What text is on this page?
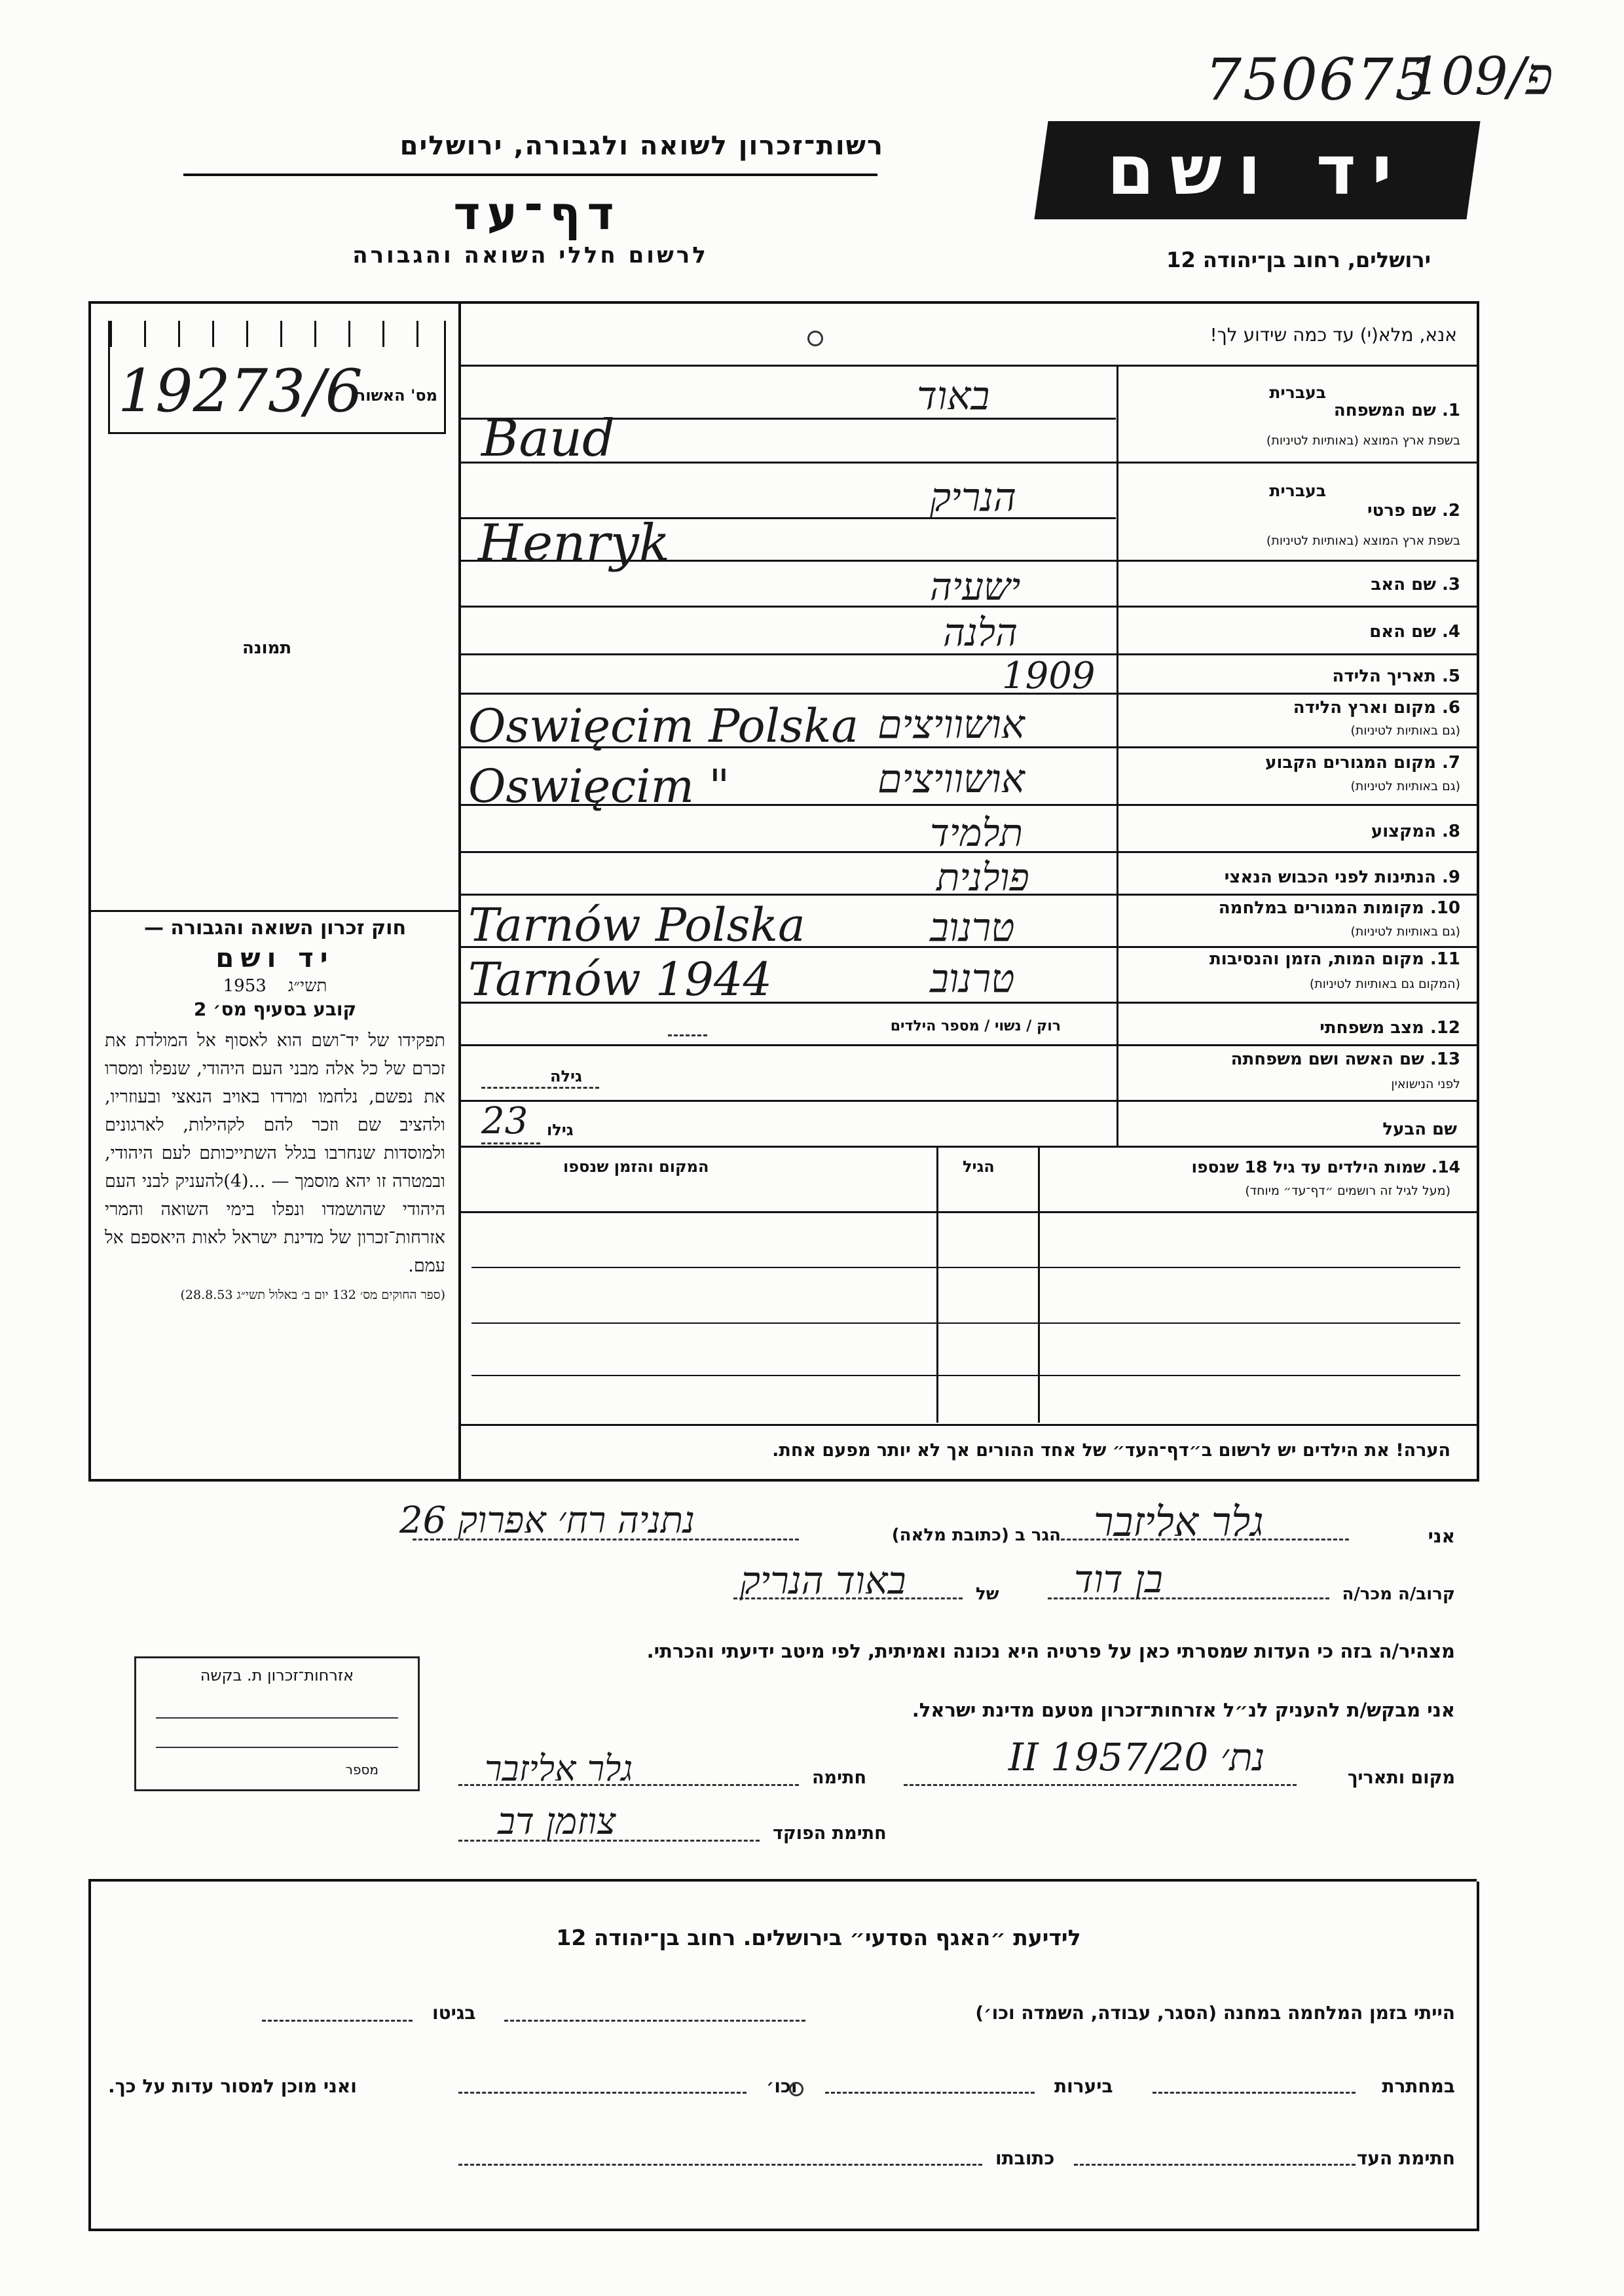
750675
109/פ
רשות־זכרון לשואה ולגבורה, ירושלים
דף־עד
לרשום חללי השואה והגבורה
יד ושם
ירושלים, רחוב בן־יהודה 12
אנא, מלא(י) עד כמה שידוע לך!
19273/6
מס' האשור
תמונה
חוק זכרון השואה והגבורה —
יד ושם
תשי״ג    1953
קובע בסעיף מס׳ 2
תפקידו של יד־ושם הוא לאסוף אל המולדת את זכרם של כל אלה מבני העם היהודי, שנפלו ומסרו את נפשם, נלחמו ומרדו באויב הנאצי ובעוזריו, ולהציב שם וזכר להם לקהילות, לארגונים ולמוסדות שנחרבו בגלל השתייכותם לעם היהודי, ובמטרה זו יהא מוסמך — ...(4)להעניק לבני העם היהודי שהושמדו ונפלו בימי השואה והמרי אזרחות־זכרון של מדינת ישראל לאות היאספם אל עמם.
(ספר החוקים מס׳ 132 יום ב׳ באלול תשי״ג 28.8.53)
1. שם המשפחה
בעברית
בשפת ארץ המוצא (באותיות לטיניות)
באוד
Baud
2. שם פרטי
בעברית
בשפת ארץ המוצא (באותיות לטיניות)
הנריק
Henryk
3. שם האב
ישעיה
4. שם האם
הלנה
5. תאריך הלידה
1909
6. מקום וארץ הלידה
(גם באותיות לטיניות)
אושוויצים
Oswięcim Polska
7. מקום המגורים הקבוע
(גם באותיות לטיניות)
אושוויצים
Oswięcim "
8. המקצוע
תלמיד
9. הנתינות לפני הכבוש הנאצי
פולנית
10. מקומות המגורים במלחמה
(גם באותיות לטיניות)
טרנוב
Tarnów Polska
11. מקום המות, הזמן והנסיבות
(המקום גם באותיות לטיניות)
טרנוב
Tarnów 1944
12. מצב משפחתי
רוק / נשוי / מספר הילדים
13. שם האשה ושם משפחתה
לפני הנישואין
גילה
שם הבעל
23 גילו
14. שמות הילדים עד גיל 18 שנספו
(מעל לגיל זה רושמים ״דף־עד״ מיוחד)
הגיל
המקום והזמן שנספו
הערה! את הילדים יש לרשום ב״דף־העד״ של אחד ההורים אך לא יותר מפעם אחת.
אני
גלר אליזבר
הגר ב (כתובת מלאה)
נתניה רח׳ אפרוק 26
קרוב/ה מכר/ה
בן דוד
של
באוד הנריק
מצהיר/ה בזה כי העדות שמסרתי כאן על פרטיה היא נכונה ואמיתית, לפי מיטב ידיעתי והכרתי.
אני מבקש/ת להעניק לנ״ל אזרחות־זכרון מטעם מדינת ישראל.
אזרחות־זכרון ת. בקשה
מספר	מקום ותאריך
נת׳ 20/II 1957
חתימה
גלר אליזבר
חתימת הפוקד
צוזמן דב
לידיעת ״האגף הסדעי״ בירושלים. רחוב בן־יהודה 12
הייתי בזמן המלחמה במחנה (הסגר, עבודה, השמדה וכו׳)
בגיטו
במחתרת
ביערות
וכו׳
ואני מוכן למסור עדות על כך.
חתימת העד
כתובתו
